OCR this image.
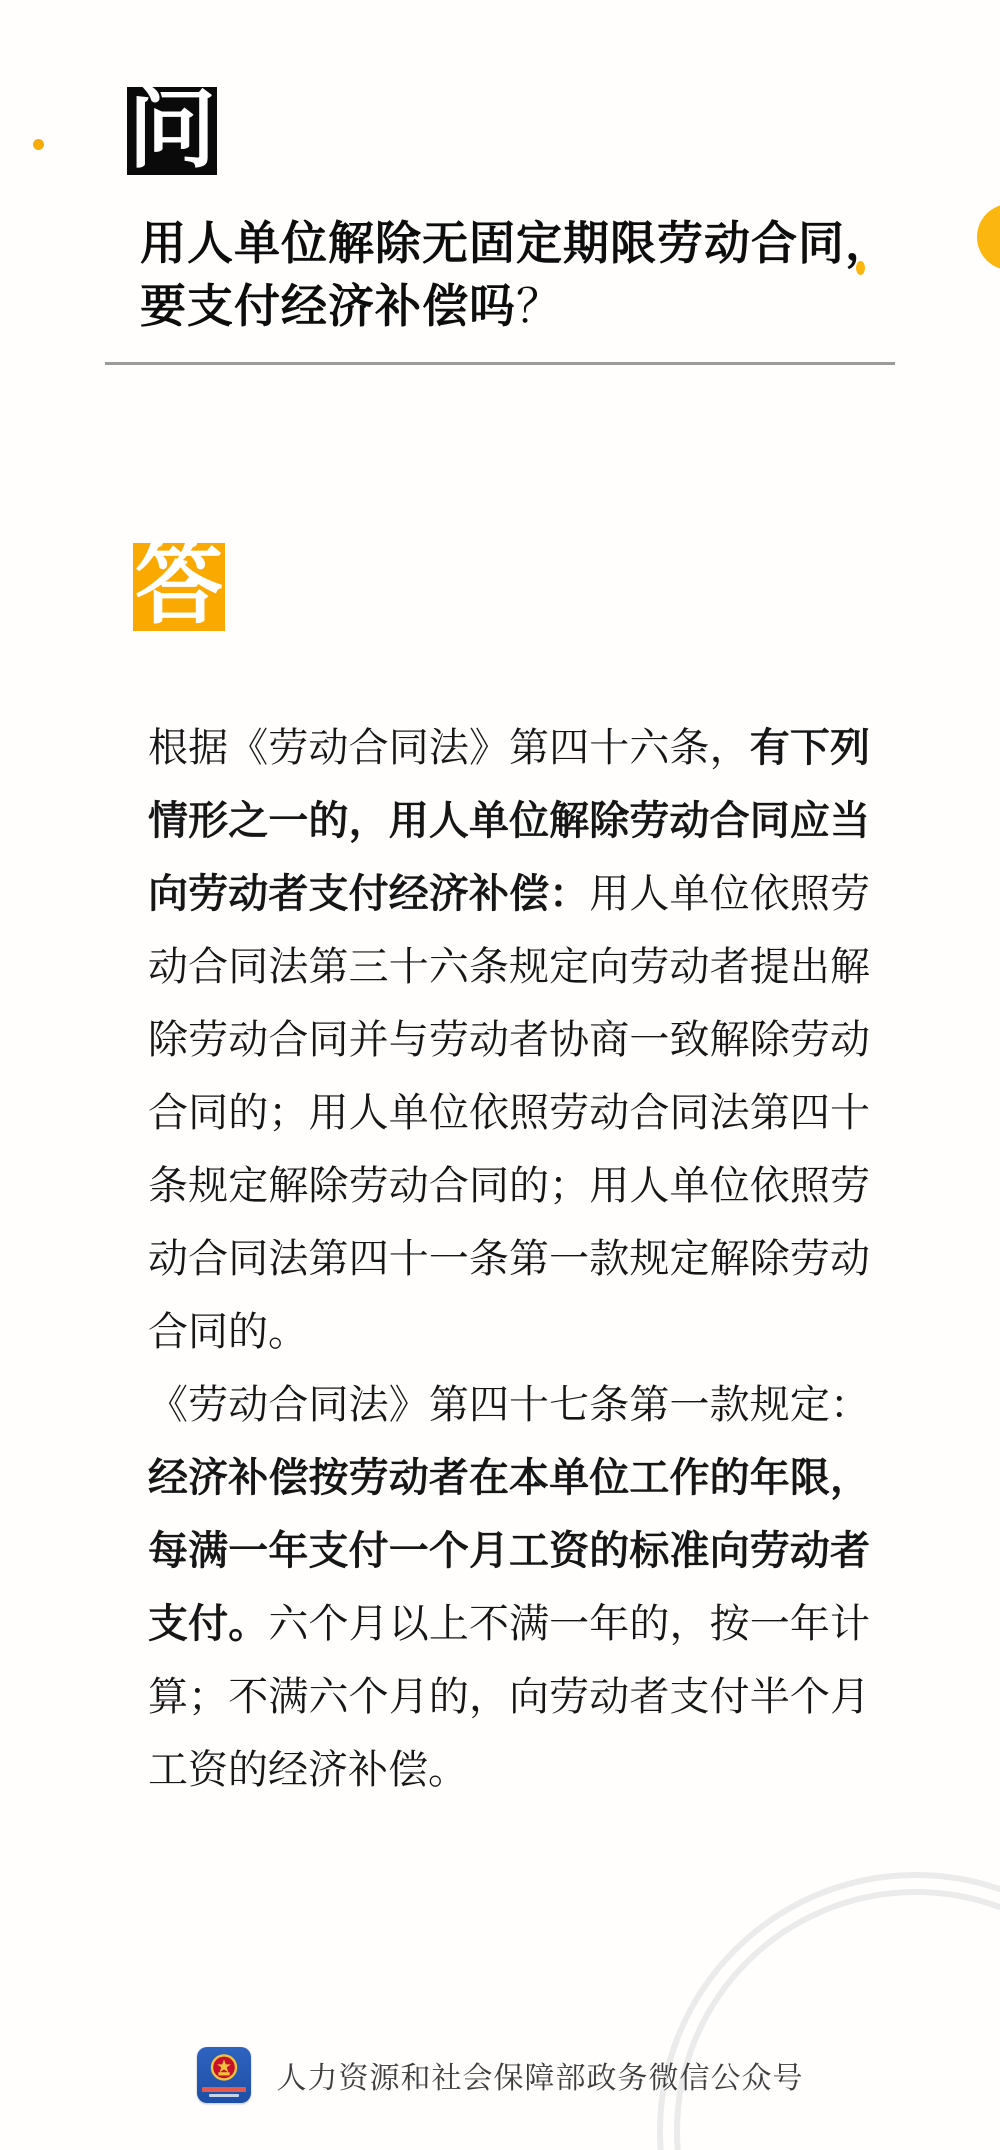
问
用人单位解除无固定期限劳动合同，
要支付经济补偿吗？
答

根据《劳动合同法》第四十六条，有下列情形之一的，用人单位解除劳动合同应当向劳动者支付经济补偿：用人单位依照劳动合同法第三十六条规定向劳动者提出解除劳动合同并与劳动者协商一致解除劳动合同的；用人单位依照劳动合同法第四十条规定解除劳动合同的；用人单位依照劳动合同法第四十一条第一款规定解除劳动合同的。

《劳动合同法》第四十七条第一款规定：经济补偿按劳动者在本单位工作的年限，每满一年支付一个月工资的标准向劳动者支付。六个月以上不满一年的，按一年计算；不满六个月的，向劳动者支付半个月工资的经济补偿。

人力资源和社会保障部政务微信公众号
